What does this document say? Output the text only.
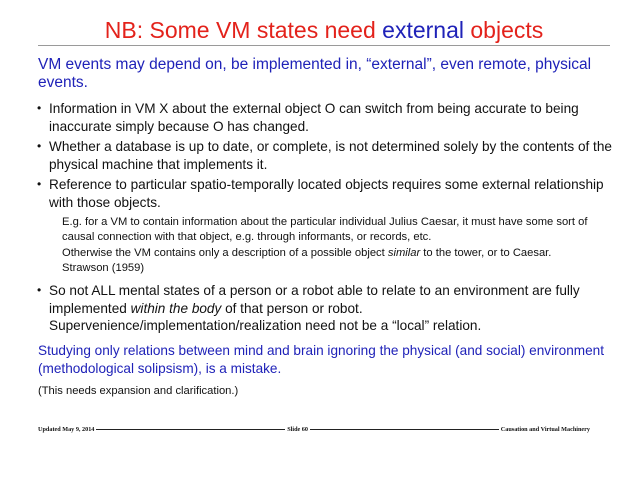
NB: Some VM states need external objects
VM events may depend on, be implemented in, “external”, even remote, physical events.
• Information in VM X about the external object O can switch from being accurate to being inaccurate simply because O has changed.
• Whether a database is up to date, or complete, is not determined solely by the contents of the physical machine that implements it.
• Reference to particular spatio-temporally located objects requires some external relationship with those objects.
E.g. for a VM to contain information about the particular individual Julius Caesar, it must have some sort of causal connection with that object, e.g. through informants, or records, etc.
Otherwise the VM contains only a description of a possible object similar to the tower, or to Caesar.
Strawson (1959)
• So not ALL mental states of a person or a robot able to relate to an environment are fully implemented within the body of that person or robot.
Supervenience/implementation/realization need not be a “local” relation.
Studying only relations between mind and brain ignoring the physical (and social) environment (methodological solipsism), is a mistake.
(This needs expansion and clarification.)
Updated May 9, 2014	Slide 60	Causation and Virtual Machinery
